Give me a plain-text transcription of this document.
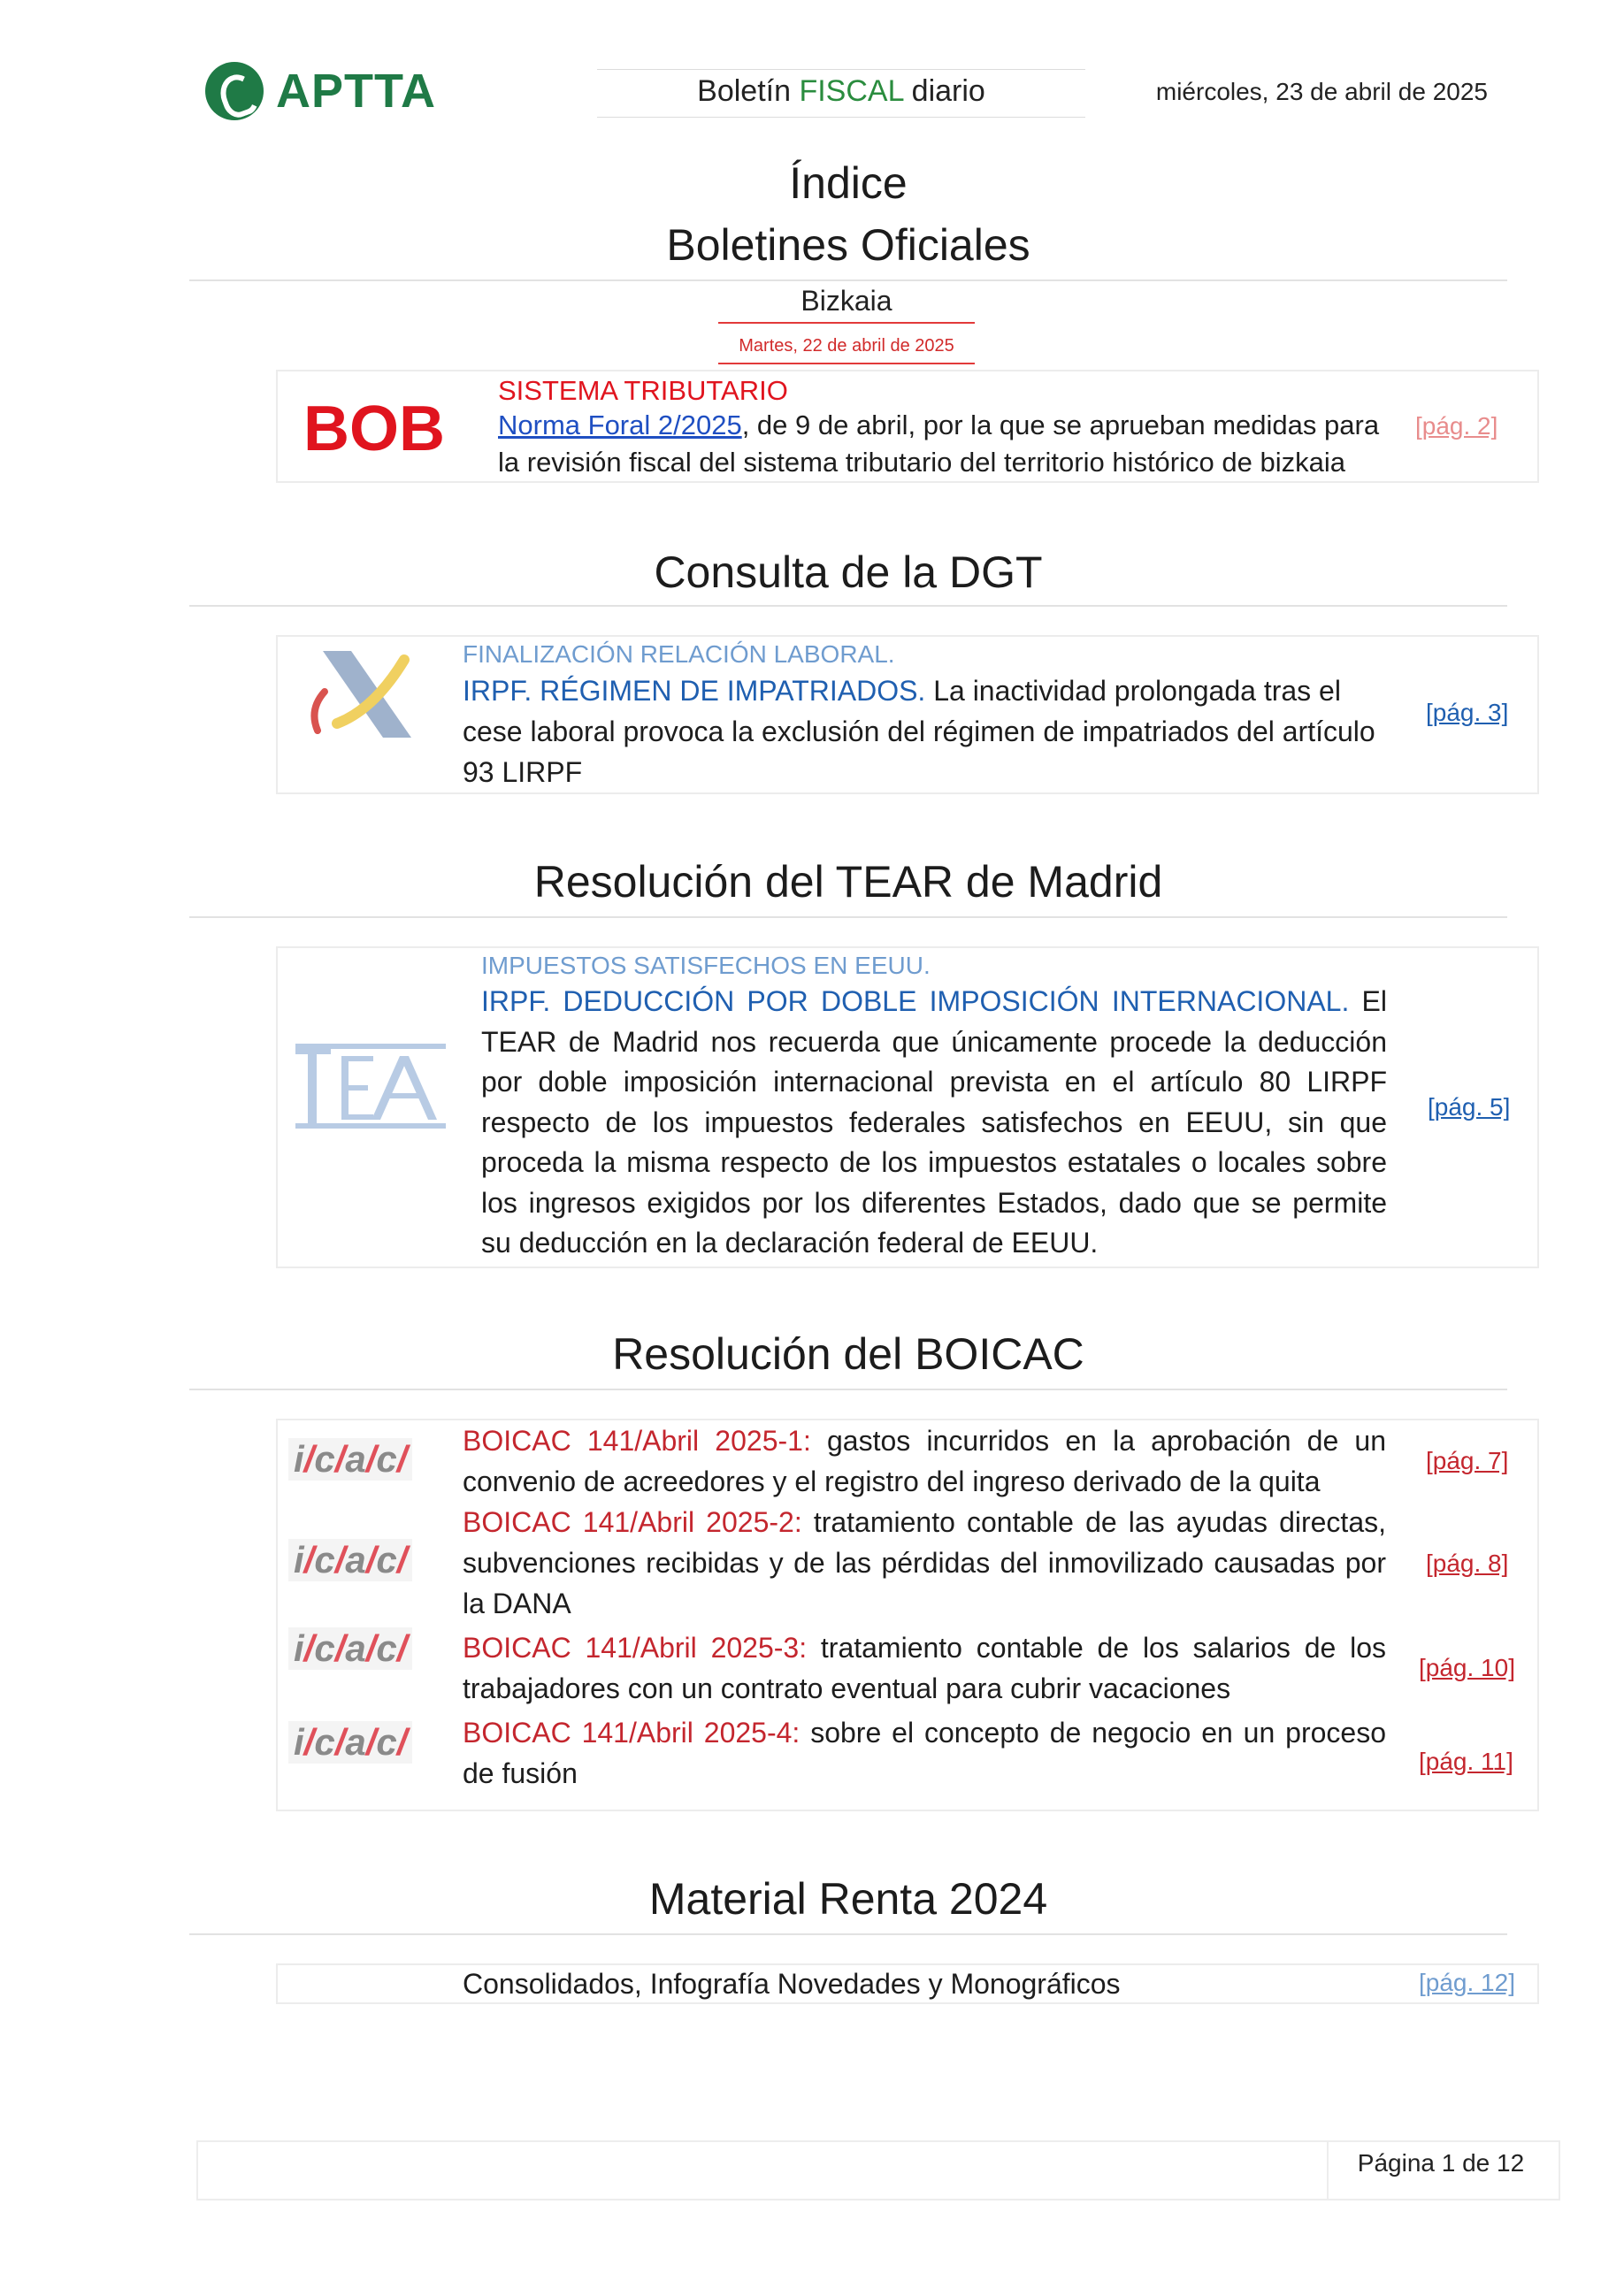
APTTA	Boletín FISCAL diario	miércoles, 23 de abril de 2025
Índice
Boletines Oficiales
Bizkaia
Martes, 22 de abril de 2025
BOB
SISTEMA TRIBUTARIO
Norma Foral 2/2025, de 9 de abril, por la que se aprueban medidas para
la revisión fiscal del sistema tributario del territorio histórico de bizkaia
[pág. 2]
Consulta de la DGT
FINALIZACIÓN RELACIÓN LABORAL.
IRPF. RÉGIMEN DE IMPATRIADOS. La inactividad prolongada tras el cese laboral provoca la exclusión del régimen de impatriados del artículo 93 LIRPF
[pág. 3]
Resolución del TEAR de Madrid
IMPUESTOS SATISFECHOS EN EEUU.
IRPF. DEDUCCIÓN POR DOBLE IMPOSICIÓN INTERNACIONAL. El TEAR de Madrid nos recuerda que únicamente procede la deducción por doble imposición internacional prevista en el artículo 80 LIRPF respecto de los impuestos federales satisfechos en EEUU, sin que proceda la misma respecto de los impuestos estatales o locales sobre los ingresos exigidos por los diferentes Estados, dado que se permite su deducción en la declaración federal de EEUU.
[pág. 5]
Resolución del BOICAC
i/c/a/c/ BOICAC 141/Abril 2025-1: gastos incurridos en la aprobación de un convenio de acreedores y el registro del ingreso derivado de la quita
[pág. 7]
i/c/a/c/
BOICAC 141/Abril 2025-2: tratamiento contable de las ayudas directas, subvenciones recibidas y de las pérdidas del inmovilizado causadas por la DANA
[pág. 8]
i/c/a/c/ BOICAC 141/Abril 2025-3: tratamiento contable de los salarios de los trabajadores con un contrato eventual para cubrir vacaciones
[pág. 10]
i/c/a/c/ BOICAC 141/Abril 2025-4: sobre el concepto de negocio en un proceso de fusión	[pág. 11]
Material Renta 2024
Consolidados, Infografía Novedades y Monográficos	[pág. 12]
Página 1 de 12
